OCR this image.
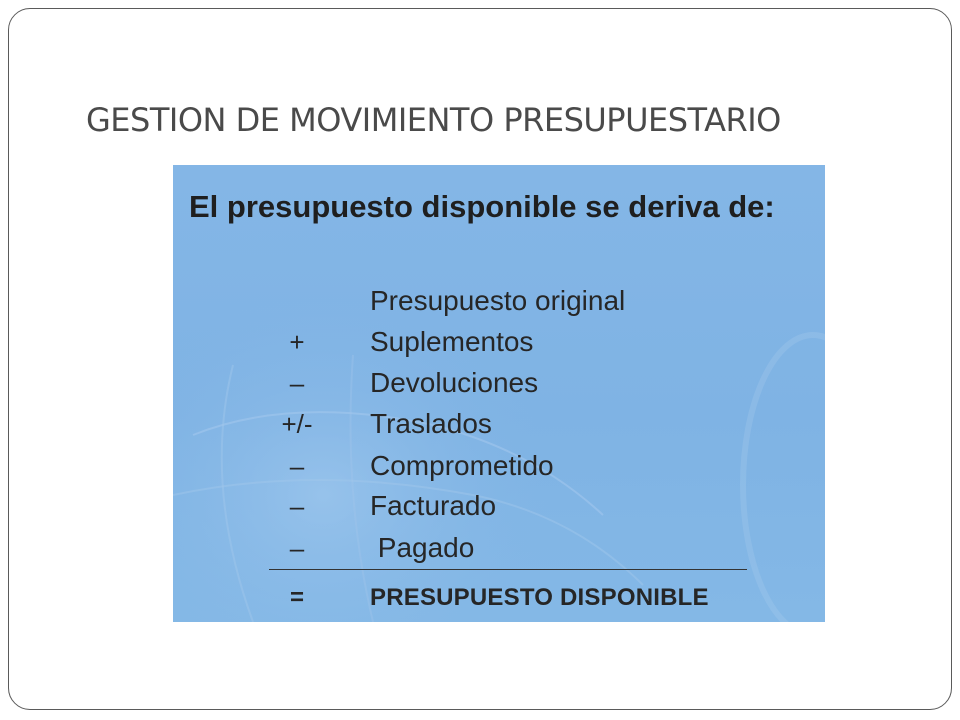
GESTION DE MOVIMIENTO PRESUPUESTARIO
El presupuesto disponible se deriva de:
Presupuesto original
+	Suplementos
–	Devoluciones
+/-	Traslados
–	Comprometido
–	Facturado
–	Pagado
=	PRESUPUESTO DISPONIBLE
